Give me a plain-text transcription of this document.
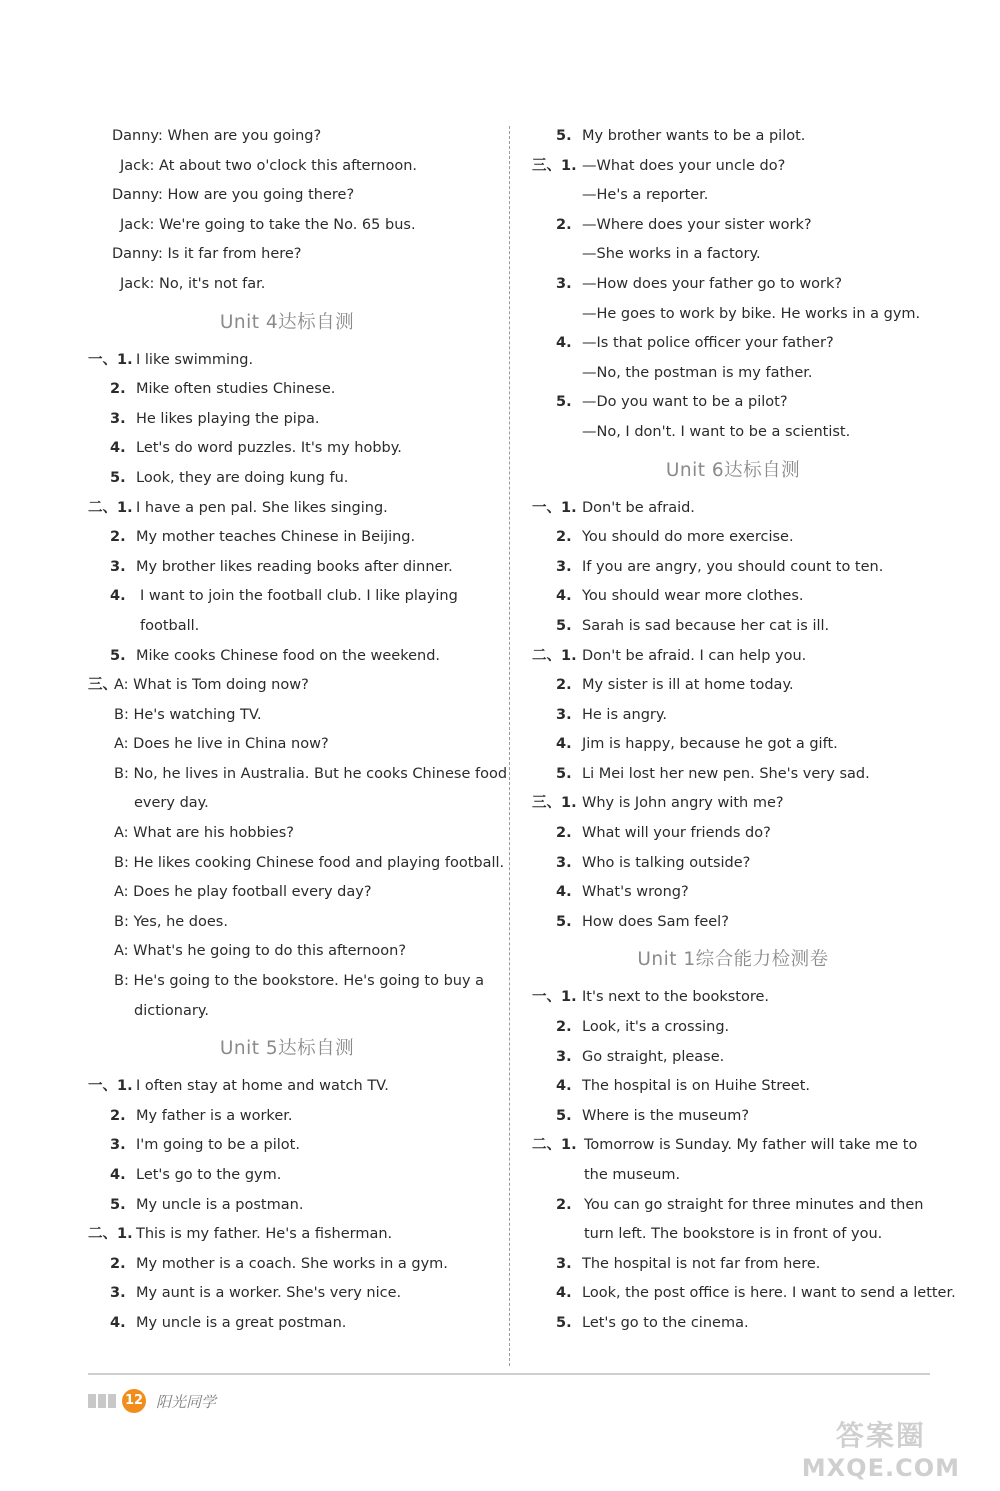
Danny: When are you going?
Jack: At about two o'clock this afternoon.
Danny: How are you going there?
Jack: We're going to take the No. 65 bus.
Danny: Is it far from here?
Jack: No, it's not far.
Unit 4达标自测
一、1. I like swimming.
2. Mike often studies Chinese.
3. He likes playing the pipa.
4. Let's do word puzzles. It's my hobby.
5. Look, they are doing kung fu.
二、1. I have a pen pal. She likes singing.
2. My mother teaches Chinese in Beijing.
3. My brother likes reading books after dinner.
4. I want to join the football club. I like playing
football.
5. Mike cooks Chinese food on the weekend.
三、
A: What is Tom doing now?
B: He's watching TV.
A: Does he live in China now?
B: No, he lives in Australia. But he cooks Chinese food
every day.
A: What are his hobbies?
B: He likes cooking Chinese food and playing football.
A: Does he play football every day?
B: Yes, he does.
A: What's he going to do this afternoon?
B: He's going to the bookstore. He's going to buy a
dictionary.
Unit 5达标自测
一、1. I often stay at home and watch TV.
2. My father is a worker.
3. I'm going to be a pilot.
4. Let's go to the gym.
5. My uncle is a postman.
二、1. This is my father. He's a fisherman.
2. My mother is a coach. She works in a gym.
3. My aunt is a worker. She's very nice.
4. My uncle is a great postman.
5. My brother wants to be a pilot.
三、1. —What does your uncle do?
—He's a reporter.
2. —Where does your sister work?
—She works in a factory.
3. —How does your father go to work?
—He goes to work by bike. He works in a gym.
4. —Is that police officer your father?
—No, the postman is my father.
5. —Do you want to be a pilot?
—No, I don't. I want to be a scientist.
Unit 6达标自测
一、1. Don't be afraid.
2. You should do more exercise.
3. If you are angry, you should count to ten.
4. You should wear more clothes.
5. Sarah is sad because her cat is ill.
二、1. Don't be afraid. I can help you.
2. My sister is ill at home today.
3. He is angry.
4. Jim is happy, because he got a gift.
5. Li Mei lost her new pen. She's very sad.
三、1. Why is John angry with me?
2. What will your friends do?
3. Who is talking outside?
4. What's wrong?
5. How does Sam feel?
Unit 1综合能力检测卷
一、1. It's next to the bookstore.
2. Look, it's a crossing.
3. Go straight, please.
4. The hospital is on Huihe Street.
5. Where is the museum?
二、1. Tomorrow is Sunday. My father will take me to
the museum.
2. You can go straight for three minutes and then
turn left. The bookstore is in front of you.
3. The hospital is not far from here.
4. Look, the post office is here. I want to send a letter.
5. Let's go to the cinema.
12 阳光同学
答案圈
MXQE.COM
